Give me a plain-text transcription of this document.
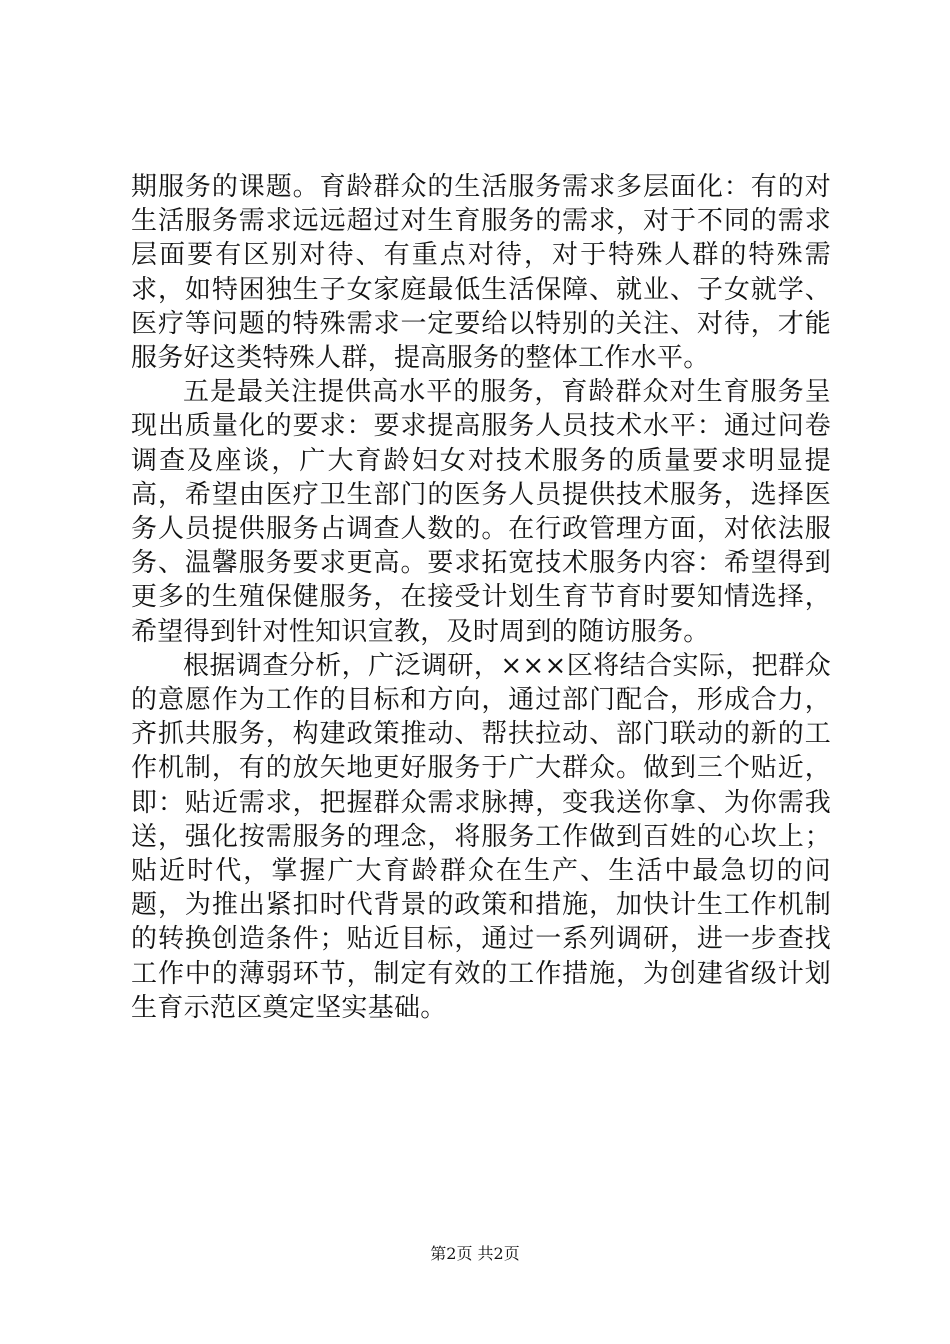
期服务的课题。育龄群众的生活服务需求多层面化：有的对生活服务需求远远超过对生育服务的需求，对于不同的需求层面要有区别对待、有重点对待，对于特殊人群的特殊需求，如特困独生子女家庭最低生活保障、就业、子女就学、医疗等问题的特殊需求一定要给以特别的关注、对待，才能服务好这类特殊人群，提高服务的整体工作水平。

五是最关注提供高水平的服务，育龄群众对生育服务呈现出质量化的要求：要求提高服务人员技术水平：通过问卷调查及座谈，广大育龄妇女对技术服务的质量要求明显提高，希望由医疗卫生部门的医务人员提供技术服务，选择医务人员提供服务占调查人数的。在行政管理方面，对依法服务、温馨服务要求更高。要求拓宽技术服务内容：希望得到更多的生殖保健服务，在接受计划生育节育时要知情选择，希望得到针对性知识宣教，及时周到的随访服务。

根据调查分析，广泛调研，×××区将结合实际，把群众的意愿作为工作的目标和方向，通过部门配合，形成合力，齐抓共服务，构建政策推动、帮扶拉动、部门联动的新的工作机制，有的放矢地更好服务于广大群众。做到三个贴近，即：贴近需求，把握群众需求脉搏，变我送你拿、为你需我送，强化按需服务的理念，将服务工作做到百姓的心坎上；贴近时代，掌握广大育龄群众在生产、生活中最急切的问题，为推出紧扣时代背景的政策和措施，加快计生工作机制的转换创造条件；贴近目标，通过一系列调研，进一步查找工作中的薄弱环节，制定有效的工作措施，为创建省级计划生育示范区奠定坚实基础。

第2页 共2页
